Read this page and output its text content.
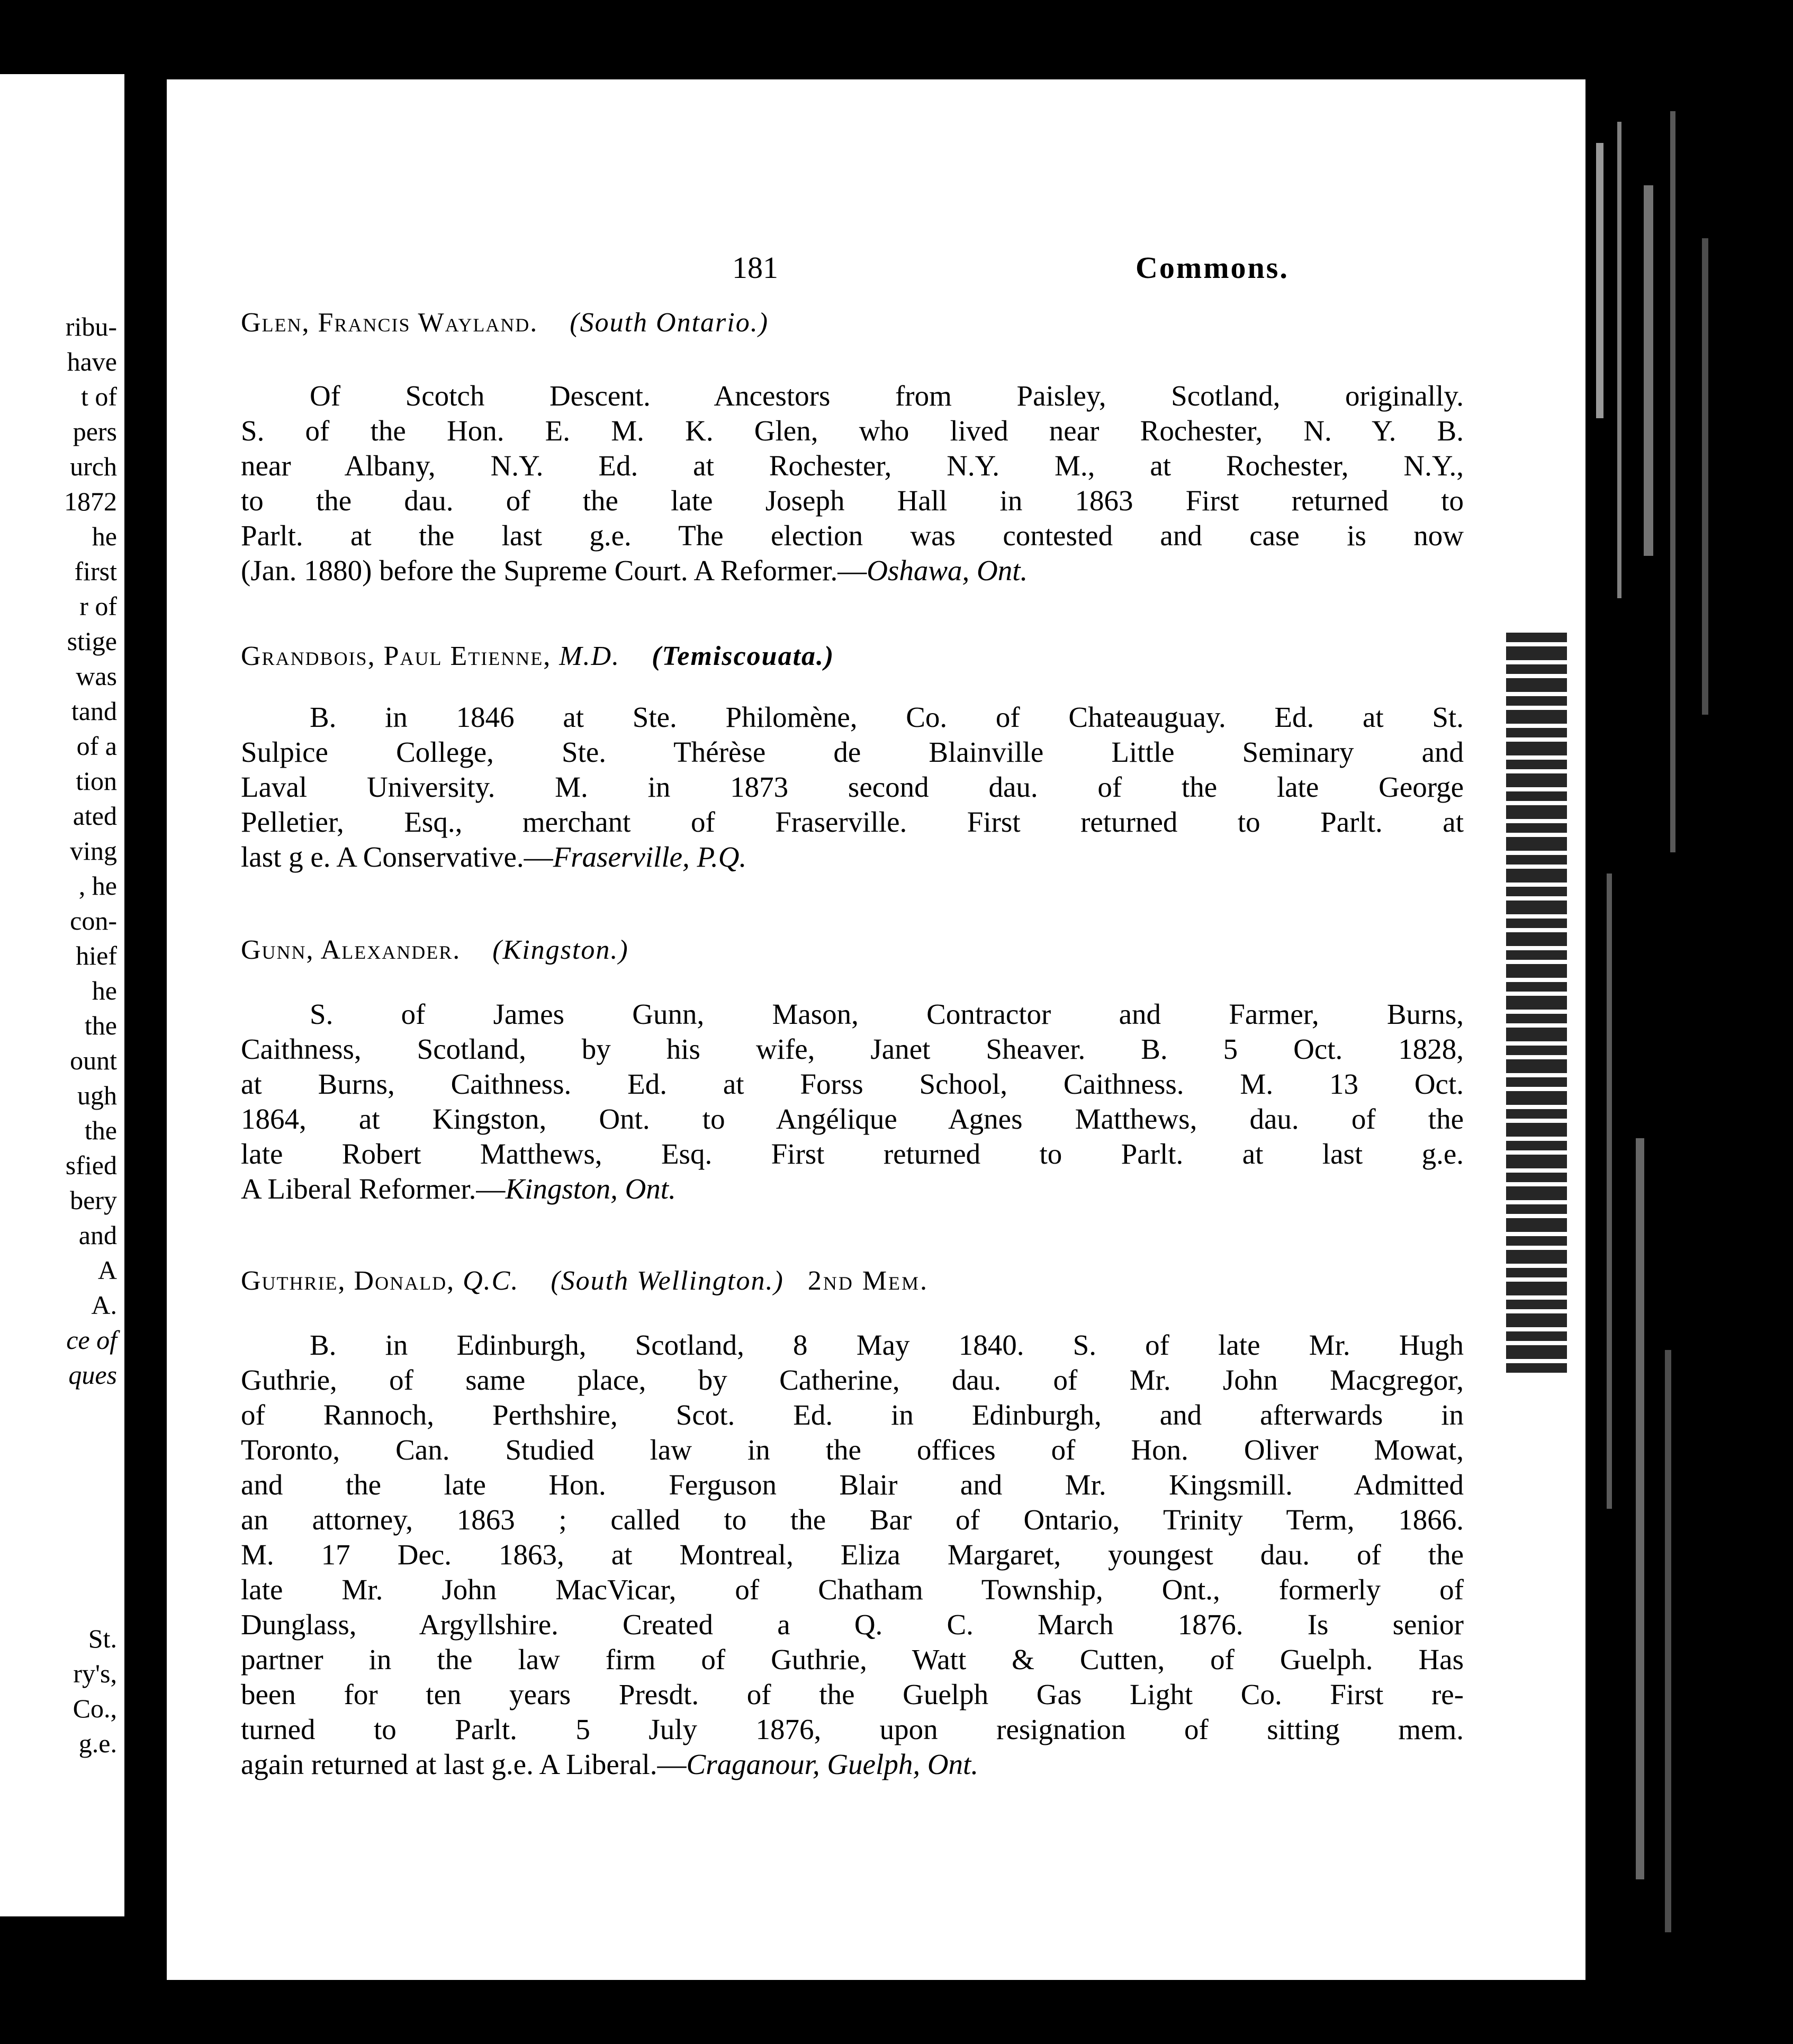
ribu-
have
t of
pers
urch
1872
he
first
r of
stige
was
tand
of a
tion
ated
ving
, he
con-
hief
he
the
ount
ugh
the
sfied
bery
and
A
A.
ce of
ques
St.
ry's,
Co.,
g.e.
181	Commons.
Glen, Francis Wayland. (South Ontario.)
Of Scotch Descent. Ancestors from Paisley, Scotland, originally.
S. of the Hon. E. M. K. Glen, who lived near Rochester, N. Y. B.
near Albany, N.Y. Ed. at Rochester, N.Y. M., at Rochester, N.Y.,
to the dau. of the late Joseph Hall in 1863 First returned to
Parlt. at the last g.e. The election was contested and case is now
(Jan. 1880) before the Supreme Court. A Reformer.—Oshawa, Ont.
Grandbois, Paul Etienne, M.D. (Temiscouata.)
B. in 1846 at Ste. Philomène, Co. of Chateauguay. Ed. at St.
Sulpice College, Ste. Thérèse de Blainville Little Seminary and
Laval University. M. in 1873 second dau. of the late George
Pelletier, Esq., merchant of Fraserville. First returned to Parlt. at
last g e. A Conservative.—Fraserville, P.Q.
Gunn, Alexander. (Kingston.)
S. of James Gunn, Mason, Contractor and Farmer, Burns,
Caithness, Scotland, by his wife, Janet Sheaver. B. 5 Oct. 1828,
at Burns, Caithness. Ed. at Forss School, Caithness. M. 13 Oct.
1864, at Kingston, Ont. to Angélique Agnes Matthews, dau. of the
late Robert Matthews, Esq. First returned to Parlt. at last g.e.
A Liberal Reformer.—Kingston, Ont.
Guthrie, Donald, Q.C. (South Wellington.) 2nd Mem.
B. in Edinburgh, Scotland, 8 May 1840. S. of late Mr. Hugh
Guthrie, of same place, by Catherine, dau. of Mr. John Macgregor,
of Rannoch, Perthshire, Scot. Ed. in Edinburgh, and afterwards in
Toronto, Can. Studied law in the offices of Hon. Oliver Mowat,
and the late Hon. Ferguson Blair and Mr. Kingsmill. Admitted
an attorney, 1863 ; called to the Bar of Ontario, Trinity Term, 1866.
M. 17 Dec. 1863, at Montreal, Eliza Margaret, youngest dau. of the
late Mr. John MacVicar, of Chatham Township, Ont., formerly of
Dunglass, Argyllshire. Created a Q. C. March 1876. Is senior
partner in the law firm of Guthrie, Watt & Cutten, of Guelph. Has
been for ten years Presdt. of the Guelph Gas Light Co. First re-
turned to Parlt. 5 July 1876, upon resignation of sitting mem.
again returned at last g.e. A Liberal.—Craganour, Guelph, Ont.
